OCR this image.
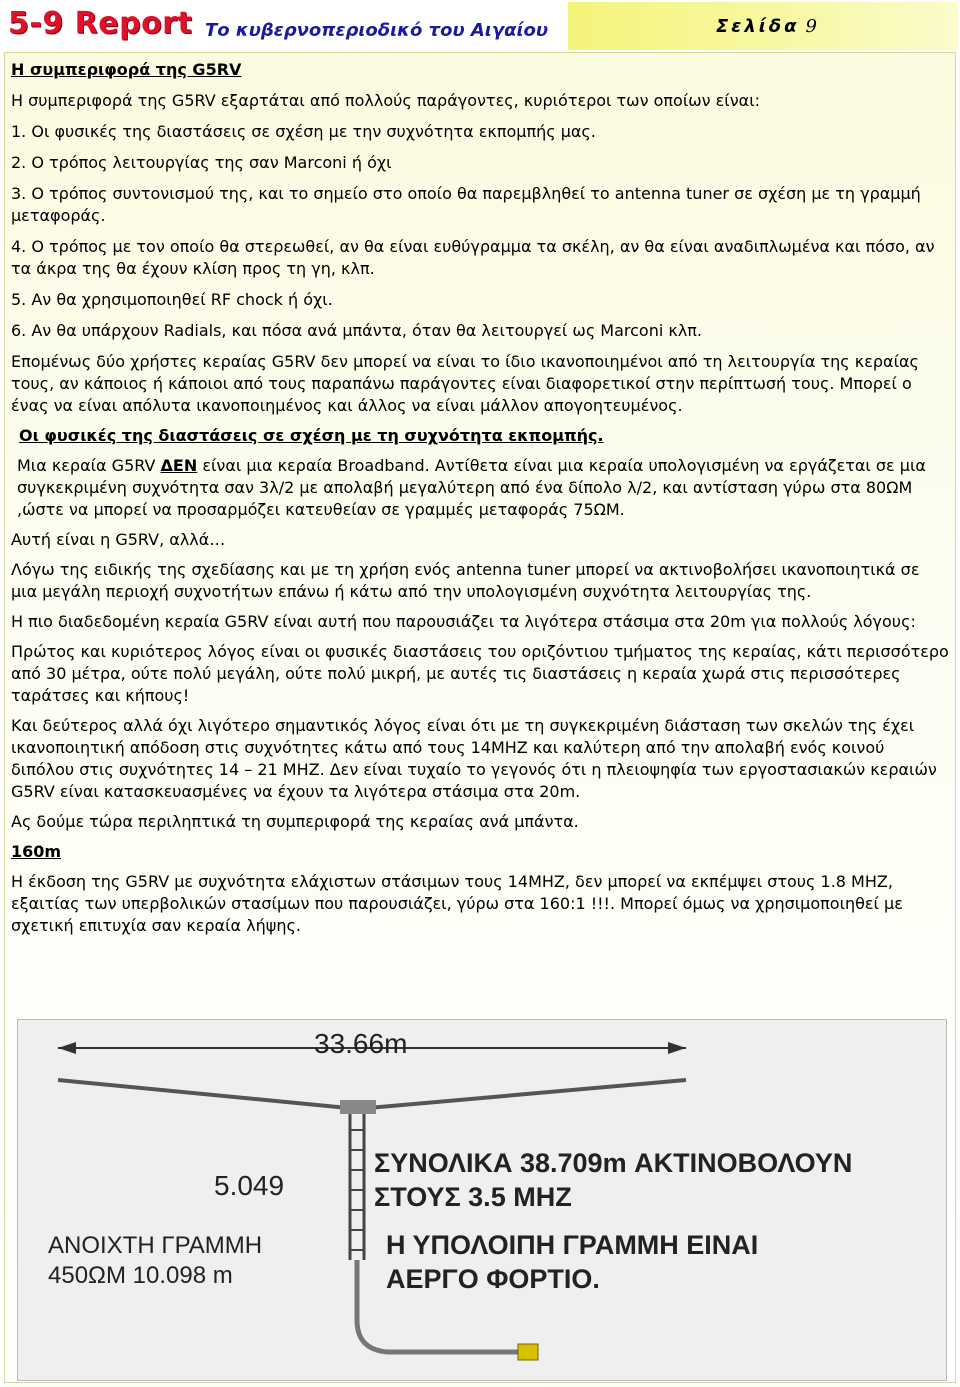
5-9 Report Το κυβερνοπεριοδικό του Αιγαίου	Σελίδα 9

Η συμπεριφορά της G5RV

Η συμπεριφορά της G5RV εξαρτάται από πολλούς παράγοντες, κυριότεροι των οποίων είναι:

1. Οι φυσικές της διαστάσεις σε σχέση με την συχνότητα εκπομπής μας.

2. Ο τρόπος λειτουργίας της σαν Marconi ή όχι

3. Ο τρόπος συντονισμού της, και το σημείο στο οποίο θα παρεμβληθεί το antenna tuner σε σχέση με τη γραμμή μεταφοράς.

4. Ο τρόπος με τον οποίο θα στερεωθεί, αν θα είναι ευθύγραμμα τα σκέλη, αν θα είναι αναδιπλωμένα και πόσο, αν τα άκρα της θα έχουν κλίση προς τη γη, κλπ.

5. Αν θα χρησιμοποιηθεί RF chock ή όχι.

6. Αν θα υπάρχουν Radials, και πόσα ανά μπάντα, όταν θα λειτουργεί ως Marconi κλπ.

Επομένως δύο χρήστες κεραίας G5RV δεν μπορεί να είναι το ίδιο ικανοποιημένοι από τη λειτουργία της κεραίας τους, αν κάποιος ή κάποιοι από τους παραπάνω παράγοντες είναι διαφορετικοί στην περίπτωσή τους. Μπορεί ο ένας να είναι απόλυτα ικανοποιημένος και άλλος να είναι μάλλον απογοητευμένος.

Οι φυσικές της διαστάσεις σε σχέση με τη συχνότητα εκπομπής.

Μια κεραία G5RV ΔΕΝ είναι μια κεραία Broadband. Αντίθετα είναι μια κεραία υπολογισμένη να εργάζεται σε μια συγκεκριμένη συχνότητα σαν 3λ/2 με απολαβή μεγαλύτερη από ένα δίπολο λ/2, και αντίσταση γύρω στα 80ΩΜ ,ώστε να μπορεί να προσαρμόζει κατευθείαν σε γραμμές μεταφοράς 75ΩΜ.

Αυτή είναι η G5RV, αλλά…

Λόγω της ειδικής της σχεδίασης και με τη χρήση ενός antenna tuner μπορεί να ακτινοβολήσει ικανοποιητικά σε μια μεγάλη περιοχή συχνοτήτων επάνω ή κάτω από την υπολογισμένη συχνότητα λειτουργίας της.

Η πιο διαδεδομένη κεραία G5RV είναι αυτή που παρουσιάζει τα λιγότερα στάσιμα στα 20m για πολλούς λόγους:

Πρώτος και κυριότερος λόγος είναι οι φυσικές διαστάσεις του οριζόντιου τμήματος της κεραίας, κάτι περισσότερο από 30 μέτρα, ούτε πολύ μεγάλη, ούτε πολύ μικρή, με αυτές τις διαστάσεις η κεραία χωρά στις περισσότερες ταράτσες και κήπους!

Και δεύτερος αλλά όχι λιγότερο σημαντικός λόγος είναι ότι με τη συγκεκριμένη διάσταση των σκελών της έχει ικανοποιητική απόδοση στις συχνότητες κάτω από τους 14MHZ και καλύτερη από την απολαβή ενός κοινού διπόλου στις συχνότητες 14 – 21 MHZ. Δεν είναι τυχαίο το γεγονός ότι η πλειοψηφία των εργοστασιακών κεραιών G5RV είναι κατασκευασμένες να έχουν τα λιγότερα στάσιμα στα 20m.

Ας δούμε τώρα περιληπτικά τη συμπεριφορά της κεραίας ανά μπάντα.

160m

Η έκδοση της G5RV με συχνότητα ελάχιστων στάσιμων τους 14MHZ, δεν μπορεί να εκπέμψει στους 1.8 MHZ, εξαιτίας των υπερβολικών στασίμων που παρουσιάζει, γύρω στα 160:1 !!!. Μπορεί όμως να χρησιμοποιηθεί με σχετική επιτυχία σαν κεραία λήψης.

33.66m
5.049
ΑΝΟΙΧΤΗ ΓΡΑΜΜΗ
450ΩΜ 10.098 m
ΣΥΝΟΛΙΚΑ 38.709m ΑΚΤΙΝΟΒΟΛΟΥΝ
ΣΤΟΥΣ 3.5 MHZ
Η ΥΠΟΛΟΙΠΗ ΓΡΑΜΜΗ ΕΙΝΑΙ
ΑΕΡΓΟ ΦΟΡΤΙΟ.
